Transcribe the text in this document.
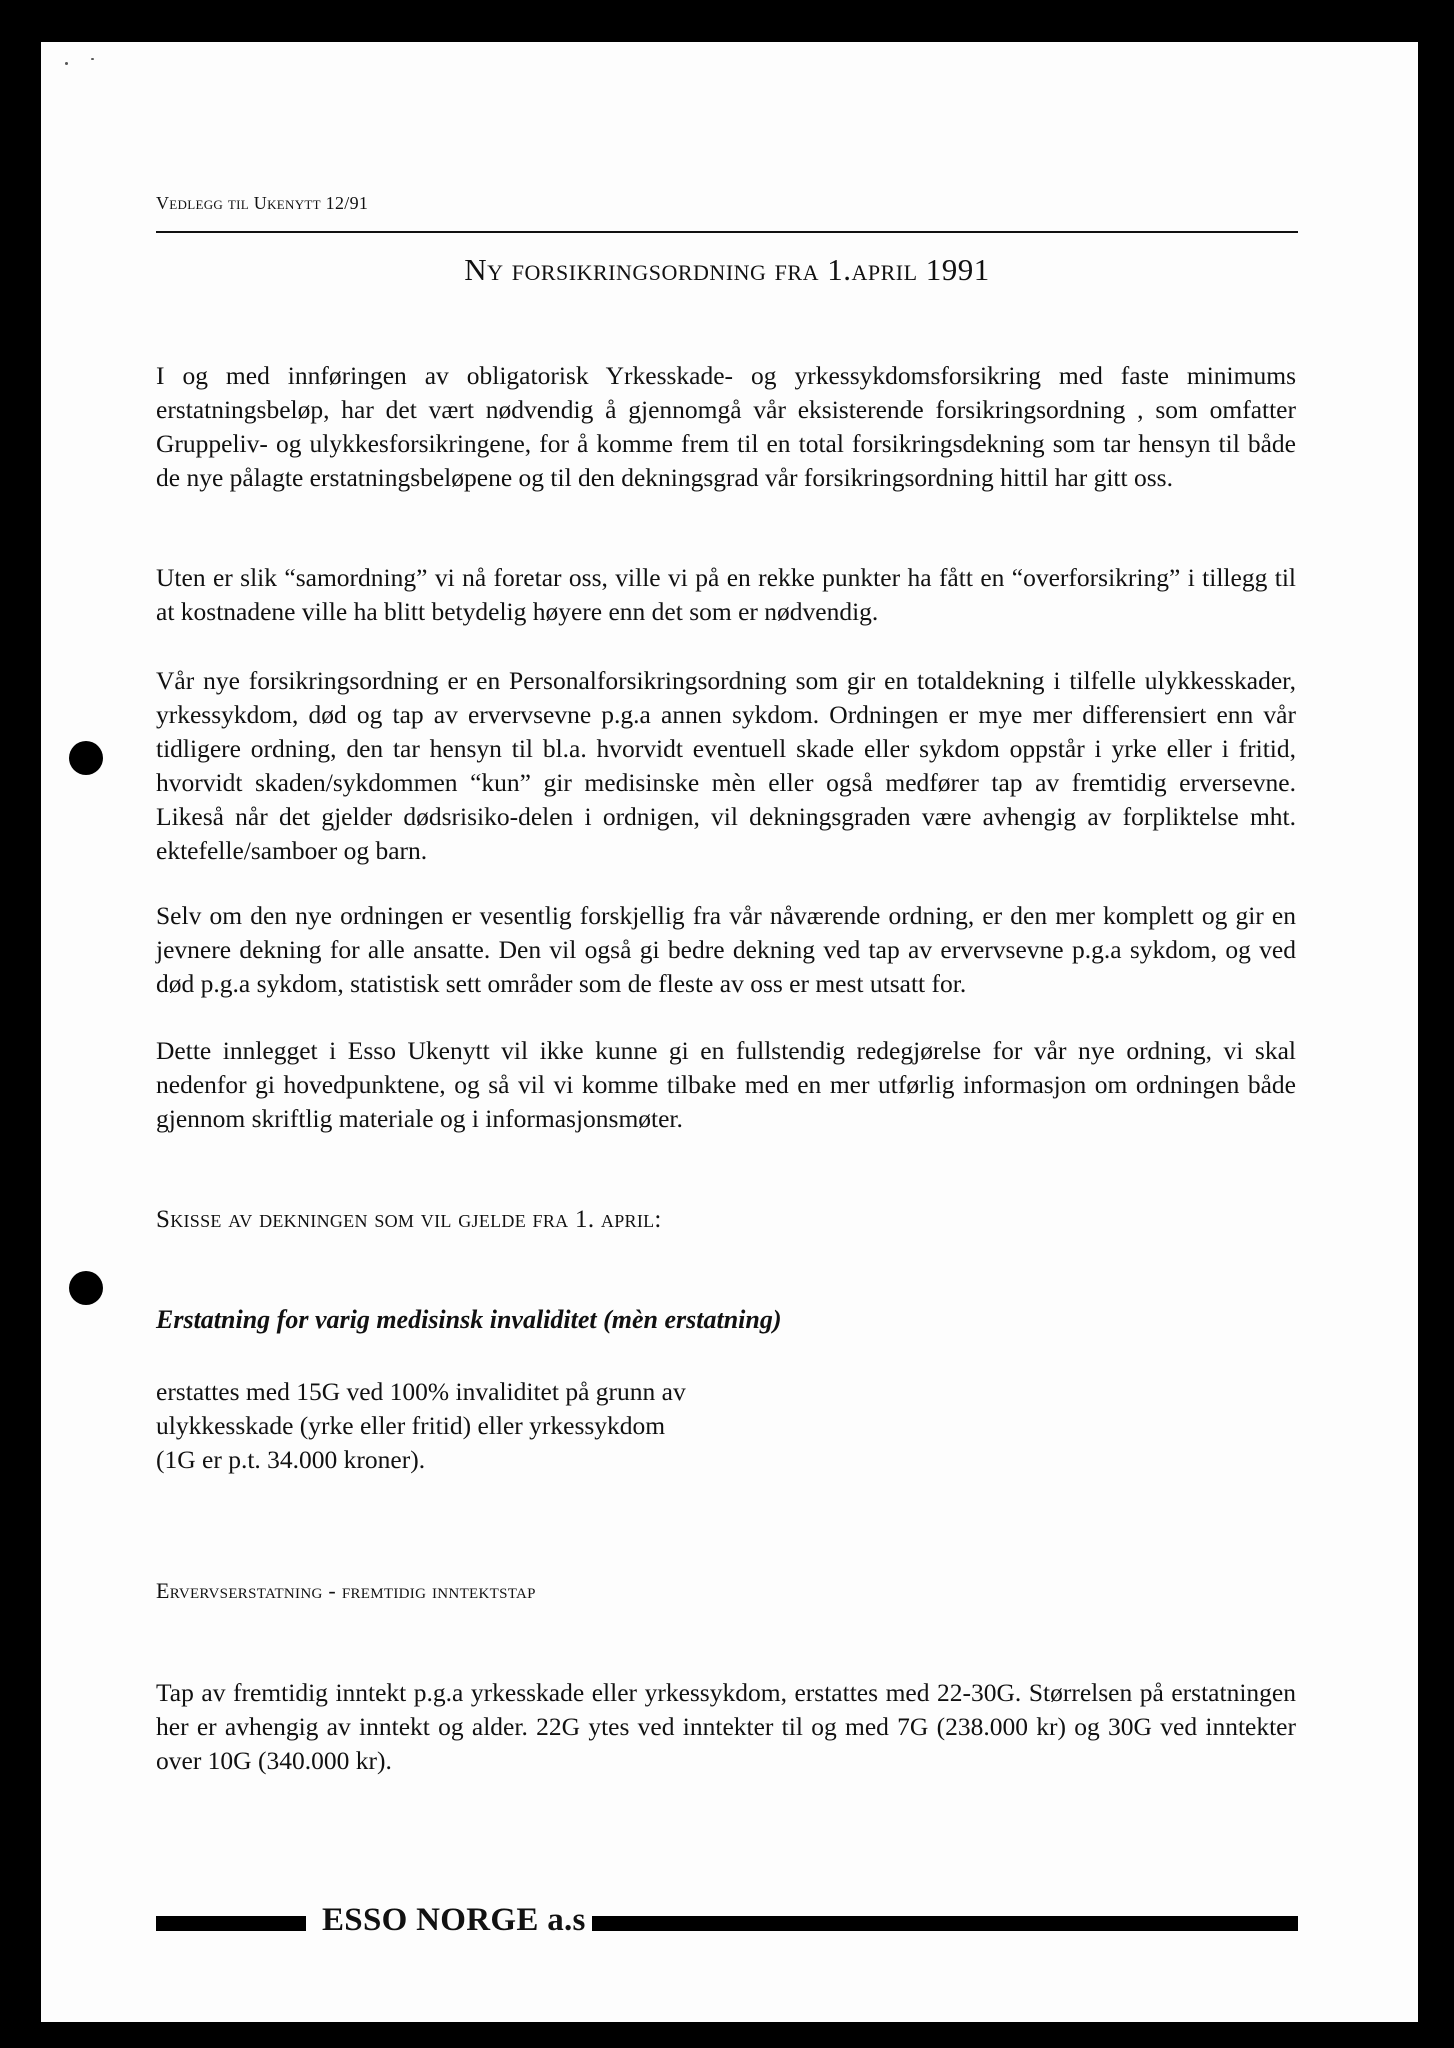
Vedlegg til Ukenytt 12/91
Ny forsikringsordning fra 1.april 1991
I og med innføringen av obligatorisk Yrkesskade- og yrkessykdomsforsikring med faste minimums erstatningsbeløp, har det vært nødvendig å gjennomgå vår eksisterende forsikringsordning , som omfatter Gruppeliv- og ulykkesforsikringene, for å komme frem til en total forsikringsdekning som tar hensyn til både de nye pålagte erstatningsbeløpene og til den dekningsgrad vår forsikringsordning hittil har gitt oss.
Uten er slik “samordning” vi nå foretar oss, ville vi på en rekke punkter ha fått en “overforsikring” i tillegg til at kostnadene ville ha blitt betydelig høyere enn det som er nødvendig.
Vår nye forsikringsordning er en Personalforsikringsordning som gir en totaldekning i tilfelle ulykkesskader, yrkessykdom, død og tap av ervervsevne p.g.a annen sykdom. Ordningen er mye mer differensiert enn vår tidligere ordning, den tar hensyn til bl.a. hvorvidt eventuell skade eller sykdom oppstår i yrke eller i fritid, hvorvidt skaden/sykdommen “kun” gir medisinske mèn eller også medfører tap av fremtidig erversevne. Likeså når det gjelder dødsrisiko-delen i ordnigen, vil dekningsgraden være avhengig av forpliktelse mht. ektefelle/samboer og barn.
Selv om den nye ordningen er vesentlig forskjellig fra vår nåværende ordning, er den mer komplett og gir en jevnere dekning for alle ansatte. Den vil også gi bedre dekning ved tap av ervervsevne p.g.a sykdom, og ved død p.g.a sykdom, statistisk sett områder som de fleste av oss er mest utsatt for.
Dette innlegget i Esso Ukenytt vil ikke kunne gi en fullstendig redegjørelse for vår nye ordning, vi skal nedenfor gi hovedpunktene, og så vil vi komme tilbake med en mer utførlig informasjon om ordningen både gjennom skriftlig materiale og i informasjonsmøter.
Skisse av dekningen som vil gjelde fra 1. april:
Erstatning for varig medisinsk invaliditet (mèn erstatning)
erstattes med 15G ved 100% invaliditet på grunn av
ulykkesskade (yrke eller fritid) eller yrkessykdom
(1G er p.t. 34.000 kroner).
Ervervserstatning - fremtidig inntektstap
Tap av fremtidig inntekt p.g.a yrkesskade eller yrkessykdom, erstattes med 22-30G. Størrelsen på erstatningen her er avhengig av inntekt og alder. 22G ytes ved inntekter til og med 7G (238.000 kr) og 30G ved inntekter over 10G (340.000 kr).
ESSO NORGE a.s
